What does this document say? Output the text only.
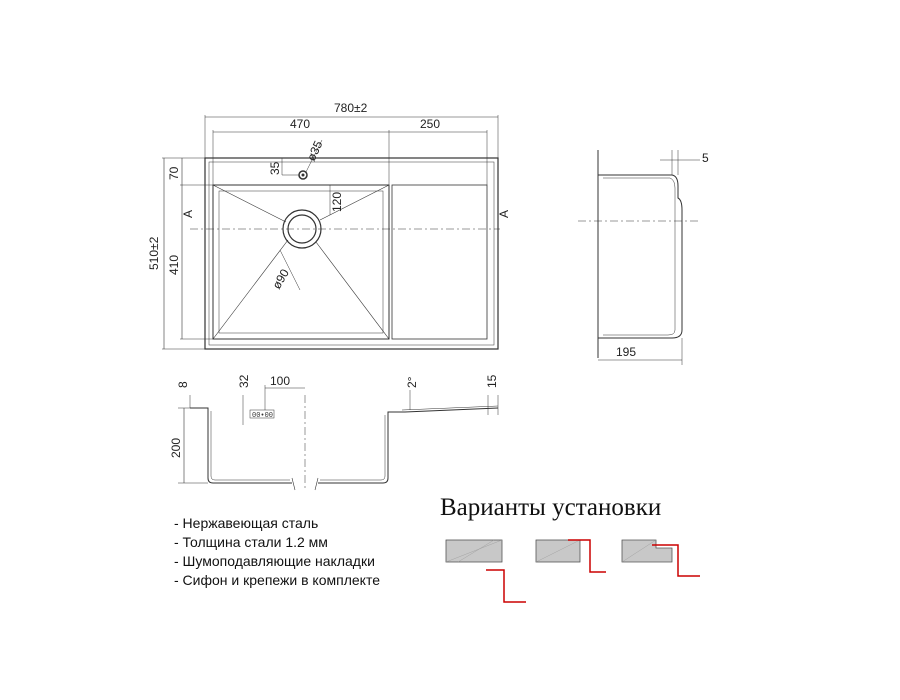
780±2
470	250
510±2
70
410
35
ø35
120
ø90
A	A
5
195
00•00
200
8	32 100	2°	15
- Нержавеющая сталь
- Толщина стали 1.2 мм
- Шумоподавляющие накладки
- Сифон и крепежи в комплекте
Варианты установки
